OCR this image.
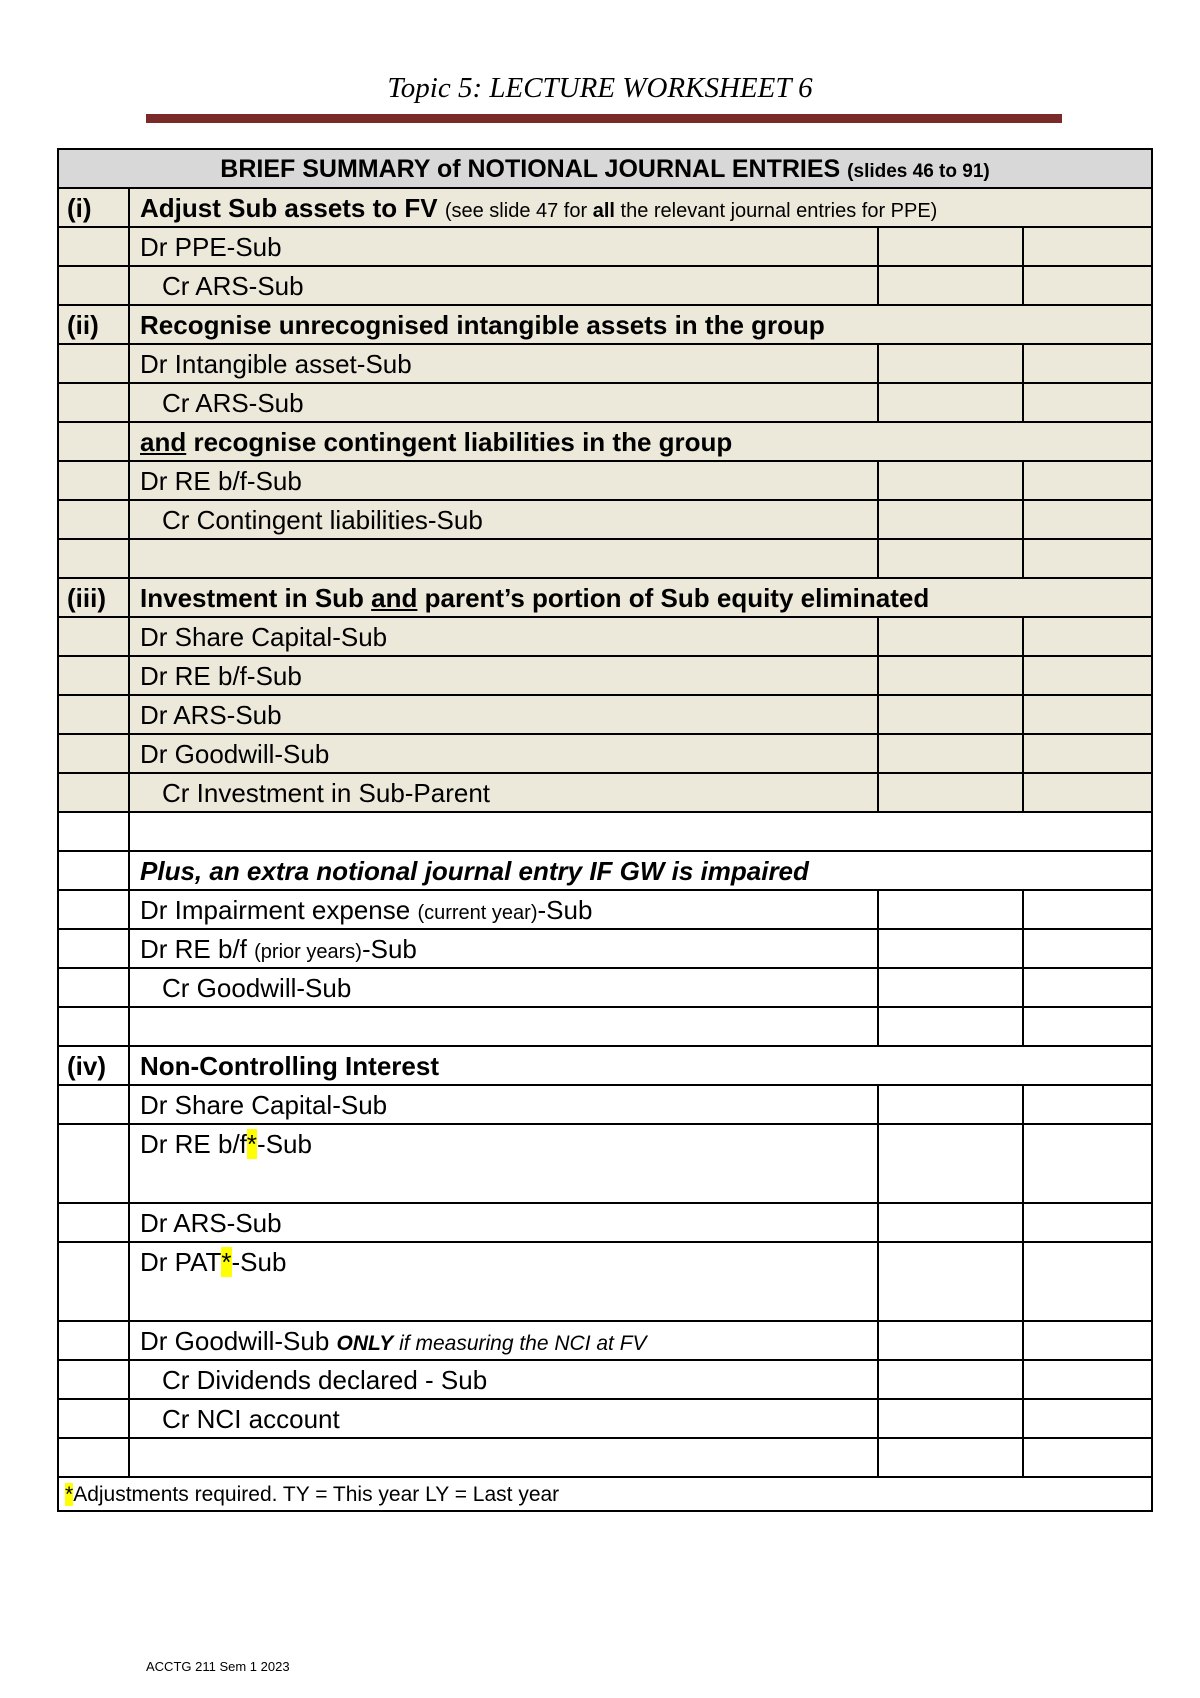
Topic 5: LECTURE WORKSHEET 6
BRIEF SUMMARY of NOTIONAL JOURNAL ENTRIES (slides 46 to 91)			
(i)	Adjust Sub assets to FV (see slide 47 for all the relevant journal entries for PPE)		
	Dr PPE-Sub		
	Cr ARS-Sub		
(ii)	Recognise unrecognised intangible assets in the group		
	Dr Intangible asset-Sub		
	Cr ARS-Sub		
	and recognise contingent liabilities in the group		
	Dr RE b/f-Sub		
	Cr Contingent liabilities-Sub		

(iii)	Investment in Sub and parent’s portion of Sub equity eliminated		
	Dr Share Capital-Sub		
	Dr RE b/f-Sub		
	Dr ARS-Sub		
	Dr Goodwill-Sub		
	Cr Investment in Sub-Parent		

	Plus, an extra notional journal entry IF GW is impaired		
	Dr Impairment expense (current year)-Sub		
	Dr RE b/f (prior years)-Sub		
	Cr Goodwill-Sub		

(iv)	Non-Controlling Interest		
	Dr Share Capital-Sub		
	Dr RE b/f*-Sub		
	Dr ARS-Sub		
	Dr PAT*-Sub		
	Dr Goodwill-Sub ONLY if measuring the NCI at FV		
	Cr Dividends declared - Sub		
	Cr NCI account		

*Adjustments required. TY = This year LY = Last year			
ACCTG 211 Sem 1 2023
